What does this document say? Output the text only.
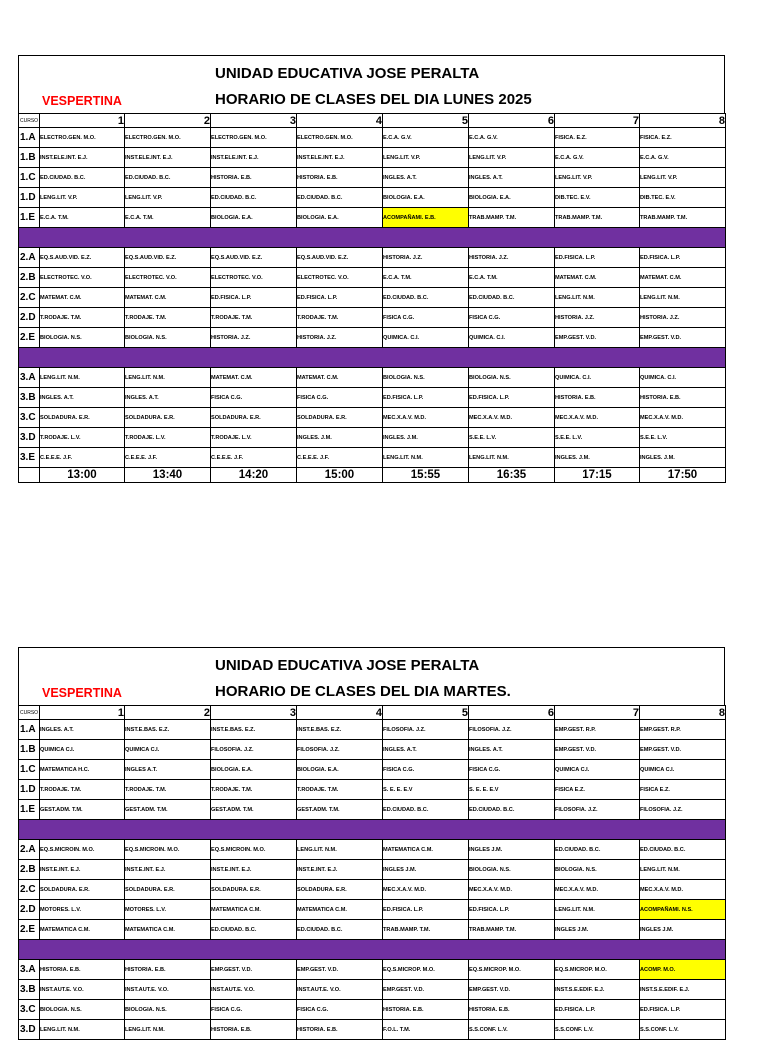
UNIDAD EDUCATIVA JOSE PERALTA
VESPERTINA	HORARIO DE CLASES DEL DIA LUNES 2025
CURSO	1	2	3	4	5	6	7	8
1.A	ELECTRO.GEN. M.O.	ELECTRO.GEN. M.O.	ELECTRO.GEN. M.O.	ELECTRO.GEN. M.O.	E.C.A. G.V.	E.C.A. G.V.	FISICA. E.Z.	FISICA. E.Z.
1.B	INST.ELE.INT. E.J.	INST.ELE.INT. E.J.	INST.ELE.INT. E.J.	INST.ELE.INT. E.J.	LENG.LIT. V.P.	LENG.LIT. V.P.	E.C.A. G.V.	E.C.A. G.V.
1.C	ED.CIUDAD. B.C.	ED.CIUDAD. B.C.	HISTORIA. E.B.	HISTORIA. E.B.	INGLES. A.T.	INGLES. A.T.	LENG.LIT. V.P.	LENG.LIT. V.P.
1.D	LENG.LIT. V.P.	LENG.LIT. V.P.	ED.CIUDAD. B.C.	ED.CIUDAD. B.C.	BIOLOGIA. E.A.	BIOLOGIA. E.A.	DIB.TEC. E.V.	DIB.TEC. E.V.
1.E	E.C.A. T.M.	E.C.A. T.M.	BIOLOGIA. E.A.	BIOLOGIA. E.A.	ACOMPAÑAMI. E.B.	TRAB.MAMP. T.M.	TRAB.MAMP. T.M.	TRAB.MAMP. T.M.

2.A	EQ.S.AUD.VID. E.Z.	EQ.S.AUD.VID. E.Z.	EQ.S.AUD.VID. E.Z.	EQ.S.AUD.VID. E.Z.	HISTORIA. J.Z.	HISTORIA. J.Z.	ED.FISICA. L.P.	ED.FISICA. L.P.
2.B	ELECTROTEC. V.O.	ELECTROTEC. V.O.	ELECTROTEC. V.O.	ELECTROTEC. V.O.	E.C.A. T.M.	E.C.A. T.M.	MATEMAT. C.M.	MATEMAT. C.M.
2.C	MATEMAT. C.M.	MATEMAT. C.M.	ED.FISICA. L.P.	ED.FISICA. L.P.	ED.CIUDAD. B.C.	ED.CIUDAD. B.C.	LENG.LIT. N.M.	LENG.LIT. N.M.
2.D	T.RODAJE. T.M.	T.RODAJE. T.M.	T.RODAJE. T.M.	T.RODAJE. T.M.	FISICA C.G.	FISICA C.G.	HISTORIA. J.Z.	HISTORIA. J.Z.
2.E	BIOLOGIA. N.S.	BIOLOGIA. N.S.	HISTORIA. J.Z.	HISTORIA. J.Z.	QUIMICA. C.I.	QUIMICA. C.I.	EMP.GEST. V.D.	EMP.GEST. V.D.

3.A	LENG.LIT. N.M.	LENG.LIT. N.M.	MATEMAT. C.M.	MATEMAT. C.M.	BIOLOGIA. N.S.	BIOLOGIA. N.S.	QUIMICA. C.I.	QUIMICA. C.I.
3.B	INGLES. A.T.	INGLES. A.T.	FISICA C.G.	FISICA C.G.	ED.FISICA. L.P.	ED.FISICA. L.P.	HISTORIA. E.B.	HISTORIA. E.B.
3.C	SOLDADURA. E.R.	SOLDADURA. E.R.	SOLDADURA. E.R.	SOLDADURA. E.R.	MEC.X.A.V. M.D.	MEC.X.A.V. M.D.	MEC.X.A.V. M.D.	MEC.X.A.V. M.D.
3.D	T.RODAJE. L.V.	T.RODAJE. L.V.	T.RODAJE. L.V.	INGLES. J.M.	INGLES. J.M.	S.E.E. L.V.	S.E.E. L.V.	S.E.E. L.V.
3.E	C.E.E.E. J.F.	C.E.E.E. J.F.	C.E.E.E. J.F.	C.E.E.E. J.F.	LENG.LIT. N.M.	LENG.LIT. N.M.	INGLES. J.M.	INGLES. J.M.
	13:00	13:40	14:20	15:00	15:55	16:35	17:15	17:50
UNIDAD EDUCATIVA JOSE PERALTA
VESPERTINA	HORARIO DE CLASES DEL DIA MARTES.
CURSO	1	2	3	4	5	6	7	8
1.A	INGLES. A.T.	INST.E.BAS. E.Z.	INST.E.BAS. E.Z.	INST.E.BAS. E.Z.	FILOSOFIA. J.Z.	FILOSOFIA. J.Z.	EMP.GEST. R.P.	EMP.GEST. R.P.
1.B	QUIMICA C.I.	QUIMICA C.I.	FILOSOFIA. J.Z.	FILOSOFIA. J.Z.	INGLES. A.T.	INGLES. A.T.	EMP.GEST. V.D.	EMP.GEST. V.D.
1.C	MATEMATICA H.C.	INGLES A.T.	BIOLOGIA. E.A.	BIOLOGIA. E.A.	FISICA C.G.	FISICA C.G.	QUIMICA C.I.	QUIMICA C.I.
1.D	T.RODAJE. T.M.	T.RODAJE. T.M.	T.RODAJE. T.M.	T.RODAJE. T.M.	S. E. E. E.V	S. E. E. E.V	FISICA E.Z.	FISICA E.Z.
1.E	GEST.ADM. T.M.	GEST.ADM. T.M.	GEST.ADM. T.M.	GEST.ADM. T.M.	ED.CIUDAD. B.C.	ED.CIUDAD. B.C.	FILOSOFIA. J.Z.	FILOSOFIA. J.Z.

2.A	EQ.S.MICROIN. M.O.	EQ.S.MICROIN. M.O.	EQ.S.MICROIN. M.O.	LENG.LIT. N.M.	MATEMATICA C.M.	INGLES J.M.	ED.CIUDAD. B.C.	ED.CIUDAD. B.C.
2.B	INST.E.INT. E.J.	INST.E.INT. E.J.	INST.E.INT. E.J.	INST.E.INT. E.J.	INGLES J.M.	BIOLOGIA. N.S.	BIOLOGIA. N.S.	LENG.LIT. N.M.
2.C	SOLDADURA. E.R.	SOLDADURA. E.R.	SOLDADURA. E.R.	SOLDADURA. E.R.	MEC.X.A.V. M.D.	MEC.X.A.V. M.D.	MEC.X.A.V. M.D.	MEC.X.A.V. M.D.
2.D	MOTORES. L.V.	MOTORES. L.V.	MATEMATICA C.M.	MATEMATICA C.M.	ED.FISICA. L.P.	ED.FISICA. L.P.	LENG.LIT. N.M.	ACOMPAÑAMI. N.S.
2.E	MATEMATICA C.M.	MATEMATICA C.M.	ED.CIUDAD. B.C.	ED.CIUDAD. B.C.	TRAB.MAMP. T.M.	TRAB.MAMP. T.M.	INGLES J.M.	INGLES J.M.

3.A	HISTORIA. E.B.	HISTORIA. E.B.	EMP.GEST. V.D.	EMP.GEST. V.D.	EQ.S.MICROP. M.O.	EQ.S.MICROP. M.O.	EQ.S.MICROP. M.O.	ACOMP. M.O.
3.B	INST.AUT.E. V.O.	INST.AUT.E. V.O.	INST.AUT.E. V.O.	INST.AUT.E. V.O.	EMP.GEST. V.D.	EMP.GEST. V.D.	INST.S.E.EDIF. E.J.	INST.S.E.EDIF. E.J.
3.C	BIOLOGIA. N.S.	BIOLOGIA. N.S.	FISICA C.G.	FISICA C.G.	HISTORIA. E.B.	HISTORIA. E.B.	ED.FISICA. L.P.	ED.FISICA. L.P.
3.D	LENG.LIT. N.M.	LENG.LIT. N.M.	HISTORIA. E.B.	HISTORIA. E.B.	F.O.L. T.M.	S.S.CONF. L.V.	S.S.CONF. L.V.	S.S.CONF. L.V.
